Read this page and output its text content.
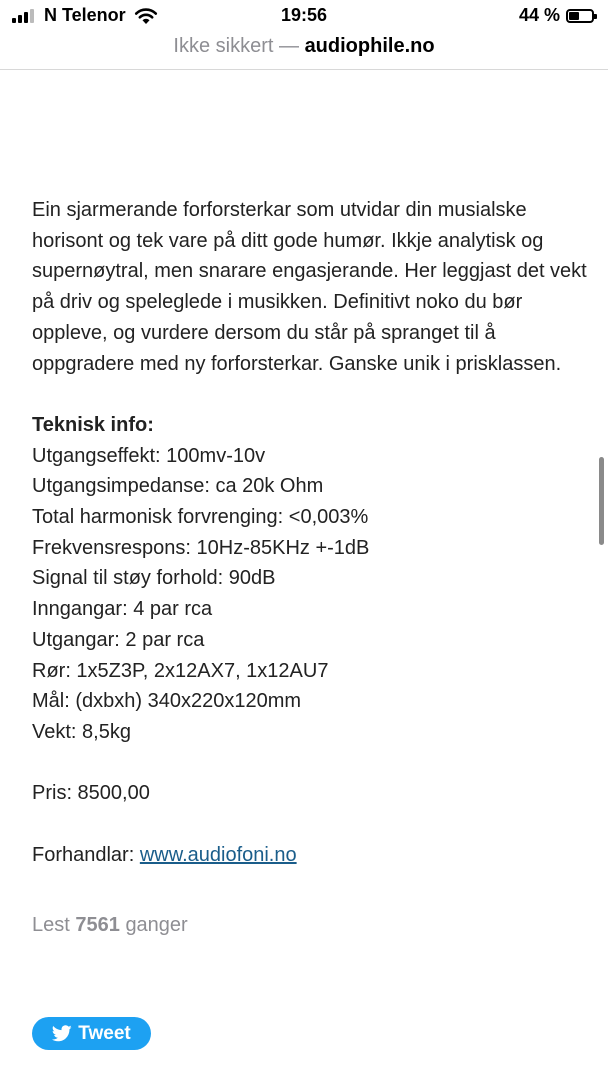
N Telenor	19:56	44 %
Ikke sikkert — audiophile.no

Ein sjarmerande forforsterkar som utvidar din musialske horisont og tek vare på ditt gode humør. Ikkje analytisk og supernøytral, men snarare engasjerande. Her leggjast det vekt på driv og speleglede i musikken. Definitivt noko du bør oppleve, og vurdere dersom du står på spranget til å oppgradere med ny forforsterkar. Ganske unik i prisklassen.

Teknisk info:

Utgangseffekt: 100mv-10v

Utgangsimpedanse: ca 20k Ohm

Total harmonisk forvrenging: <0,003%

Frekvensrespons: 10Hz-85KHz +-1dB

Signal til støy forhold: 90dB

Inngangar: 4 par rca

Utgangar: 2 par rca

Rør: 1x5Z3P, 2x12AX7, 1x12AU7

Mål: (dxbxh) 340x220x120mm

Vekt: 8,5kg

Pris: 8500,00

Forhandlar: www.audiofoni.no

Lest 7561 ganger

Tweet
